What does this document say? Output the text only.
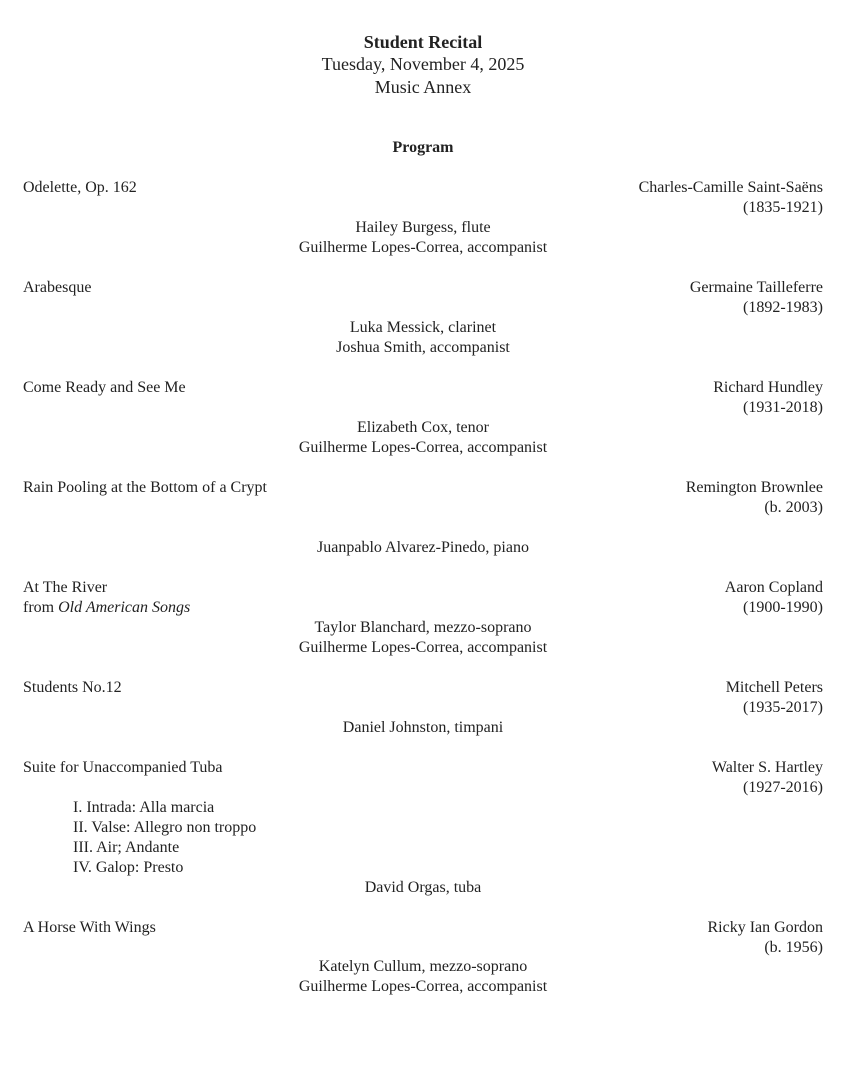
Student Recital
Tuesday, November 4, 2025
Music Annex
Program
Odelette, Op. 162	Charles-Camille Saint-Saëns
(1835-1921)
Hailey Burgess, flute
Guilherme Lopes-Correa, accompanist
Arabesque	Germaine Tailleferre
(1892-1983)
Luka Messick, clarinet
Joshua Smith, accompanist
Come Ready and See Me	Richard Hundley
(1931-2018)
Elizabeth Cox, tenor
Guilherme Lopes-Correa, accompanist
Rain Pooling at the Bottom of a Crypt	Remington Brownlee
(b. 2003)
Juanpablo Alvarez-Pinedo, piano
At The River
from Old American Songs
Aaron Copland
(1900-1990)
Taylor Blanchard, mezzo-soprano
Guilherme Lopes-Correa, accompanist
Students No.12	Mitchell Peters
(1935-2017)
Daniel Johnston, timpani
Suite for Unaccompanied Tuba	Walter S. Hartley
(1927-2016)
I. Intrada: Alla marcia
II. Valse: Allegro non troppo
III. Air; Andante
IV. Galop: Presto
David Orgas, tuba
A Horse With Wings	Ricky Ian Gordon
(b. 1956)
Katelyn Cullum, mezzo-soprano
Guilherme Lopes-Correa, accompanist
